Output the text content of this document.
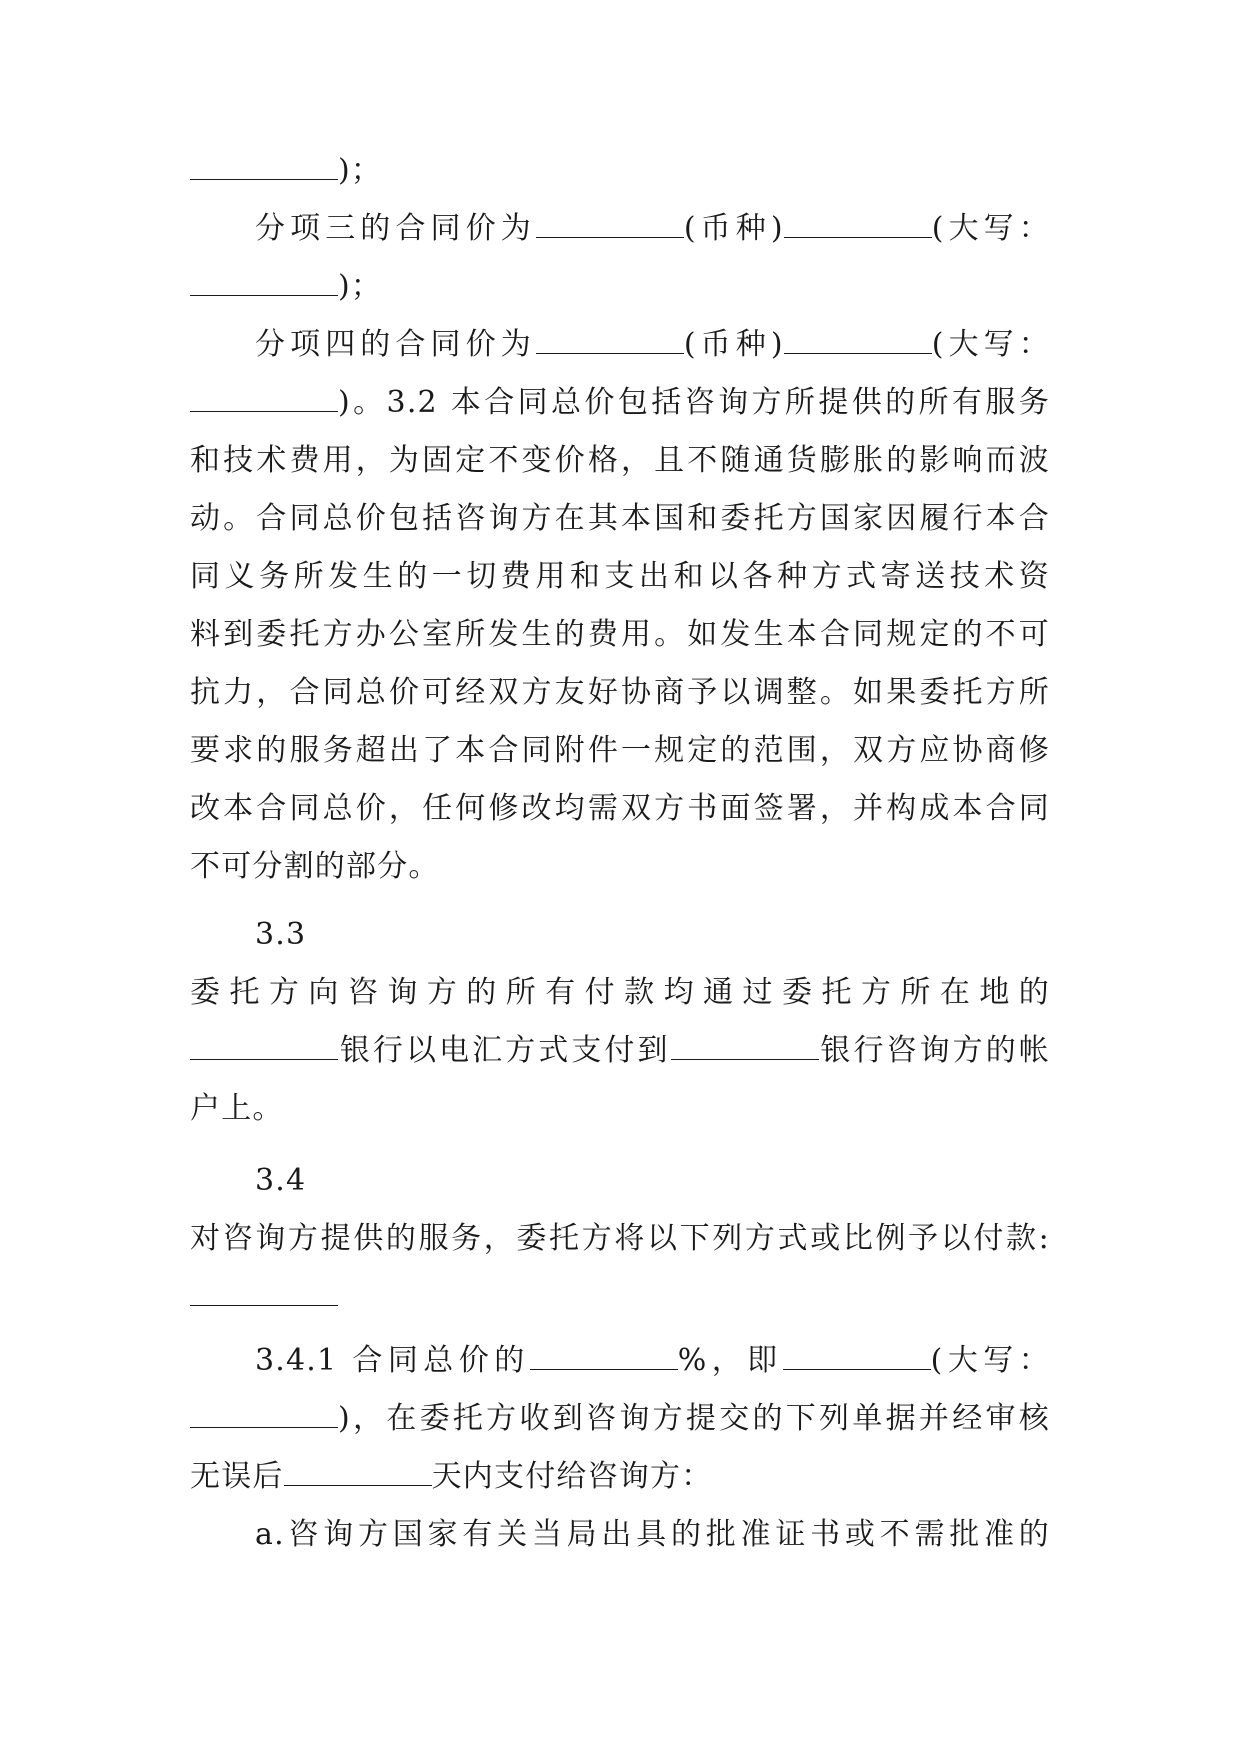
)；
分项三的合同价为	(币种)	(大写：
)；
分项四的合同价为	(币种)	(大写：
)。3.2 本合同总价包括咨询方所提供的所有服务
和技术费用，为固定不变价格，且不随通货膨胀的影响而波
动。合同总价包括咨询方在其本国和委托方国家因履行本合
同义务所发生的一切费用和支出和以各种方式寄送技术资
料到委托方办公室所发生的费用。如发生本合同规定的不可
抗力，合同总价可经双方友好协商予以调整。如果委托方所
要求的服务超出了本合同附件一规定的范围，双方应协商修
改本合同总价，任何修改均需双方书面签署，并构成本合同
不可分割的部分。
3.3
委托方向咨询方的所有付款均通过委托方所在地的
银行以电汇方式支付到	银行咨询方的帐
户上。
3.4
对咨询方提供的服务，委托方将以下列方式或比例予以付款:
3.4.1 合同总价的	%，即	(大写：
)，在委托方收到咨询方提交的下列单据并经审核
无误后	天内支付给咨询方：
a.咨询方国家有关当局出具的批准证书或不需批准的
